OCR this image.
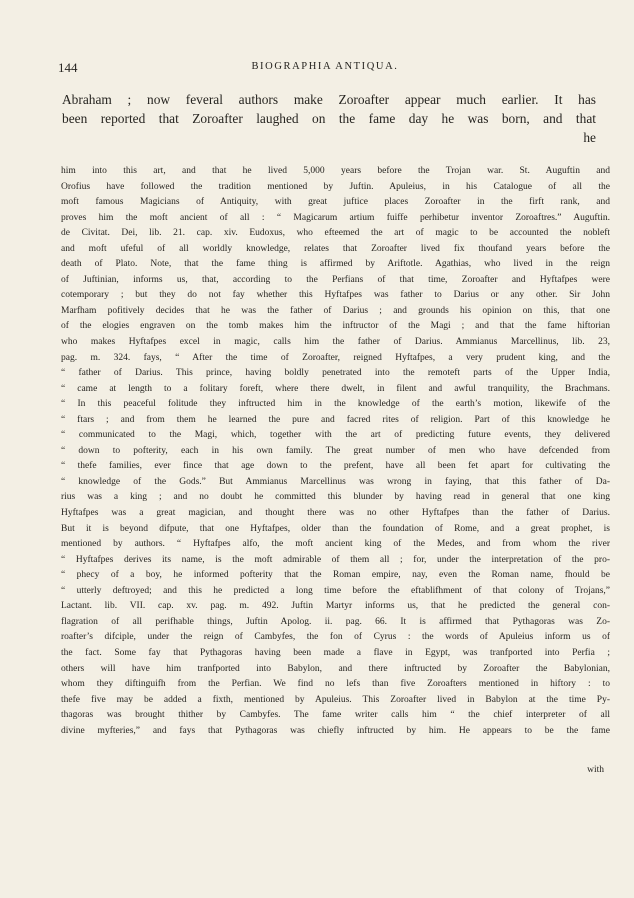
144	BIOGRAPHIA ANTIQUA.
Abraham ; now feveral authors make Zoroafter appear much earlier. It has
been reported that Zoroafter laughed on the fame day he was born, and that
he
him into this art, and that he lived 5,000 years before the Trojan war. St. Auguftin and
Orofius have followed the tradition mentioned by Juftin. Apuleius, in his Catalogue of all the
moft famous Magicians of Antiquity, with great juftice places Zoroafter in the firft rank, and
proves him the moft ancient of all : “ Magicarum artium fuiffe perhibetur inventor Zoroaftres.” Auguftin.
de Civitat. Dei, lib. 21. cap. xiv. Eudoxus, who efteemed the art of magic to be accounted the nobleft
and moft ufeful of all worldly knowledge, relates that Zoroafter lived fix thoufand years before the
death of Plato. Note, that the fame thing is affirmed by Ariftotle. Agathias, who lived in the reign
of Juftinian, informs us, that, according to the Perfians of that time, Zoroafter and Hyftafpes were
cotemporary ; but they do not fay whether this Hyftafpes was father to Darius or any other. Sir John
Marfham pofitively decides that he was the father of Darius ; and grounds his opinion on this, that one
of the elogies engraven on the tomb makes him the inftructor of the Magi ; and that the fame hiftorian
who makes Hyftafpes excel in magic, calls him the father of Darius. Ammianus Marcellinus, lib. 23,
pag. m. 324. fays, “ After the time of Zoroafter, reigned Hyftafpes, a very prudent king, and the
“ father of Darius. This prince, having boldly penetrated into the remoteft parts of the Upper India,
“ came at length to a folitary foreft, where there dwelt, in filent and awful tranquility, the Brachmans.
“ In this peaceful folitude they inftructed him in the knowledge of the earth’s motion, likewife of the
“ ftars ; and from them he learned the pure and facred rites of religion. Part of this knowledge he
“ communicated to the Magi, which, together with the art of predicting future events, they delivered
“ down to pofterity, each in his own family. The great number of men who have defcended from
“ thefe families, ever fince that age down to the prefent, have all been fet apart for cultivating the
“ knowledge of the Gods.” But Ammianus Marcellinus was wrong in faying, that this father of Da-
rius was a king ; and no doubt he committed this blunder by having read in general that one king
Hyftafpes was a great magician, and thought there was no other Hyftafpes than the father of Darius.
But it is beyond difpute, that one Hyftafpes, older than the foundation of Rome, and a great prophet, is
mentioned by authors. “ Hyftafpes alfo, the moft ancient king of the Medes, and from whom the river
“ Hyftafpes derives its name, is the moft admirable of them all ; for, under the interpretation of the pro-
“ phecy of a boy, he informed pofterity that the Roman empire, nay, even the Roman name, fhould be
“ utterly deftroyed; and this he predicted a long time before the eftablifhment of that colony of Trojans,”
Lactant. lib. VII. cap. xv. pag. m. 492. Juftin Martyr informs us, that he predicted the general con-
flagration of all perifhable things, Juftin Apolog. ii. pag. 66. It is affirmed that Pythagoras was Zo-
roafter’s difciple, under the reign of Cambyfes, the fon of Cyrus : the words of Apuleius inform us of
the fact. Some fay that Pythagoras having been made a flave in Egypt, was tranfported into Perfia ;
others will have him tranfported into Babylon, and there inftructed by Zoroafter the Babylonian,
whom they diftinguifh from the Perfian. We find no lefs than five Zoroafters mentioned in hiftory : to
thefe five may be added a fixth, mentioned by Apuleius. This Zoroafter lived in Babylon at the time Py-
thagoras was brought thither by Cambyfes. The fame writer calls him “ the chief interpreter of all
divine myfteries,” and fays that Pythagoras was chiefly inftructed by him. He appears to be the fame
with
